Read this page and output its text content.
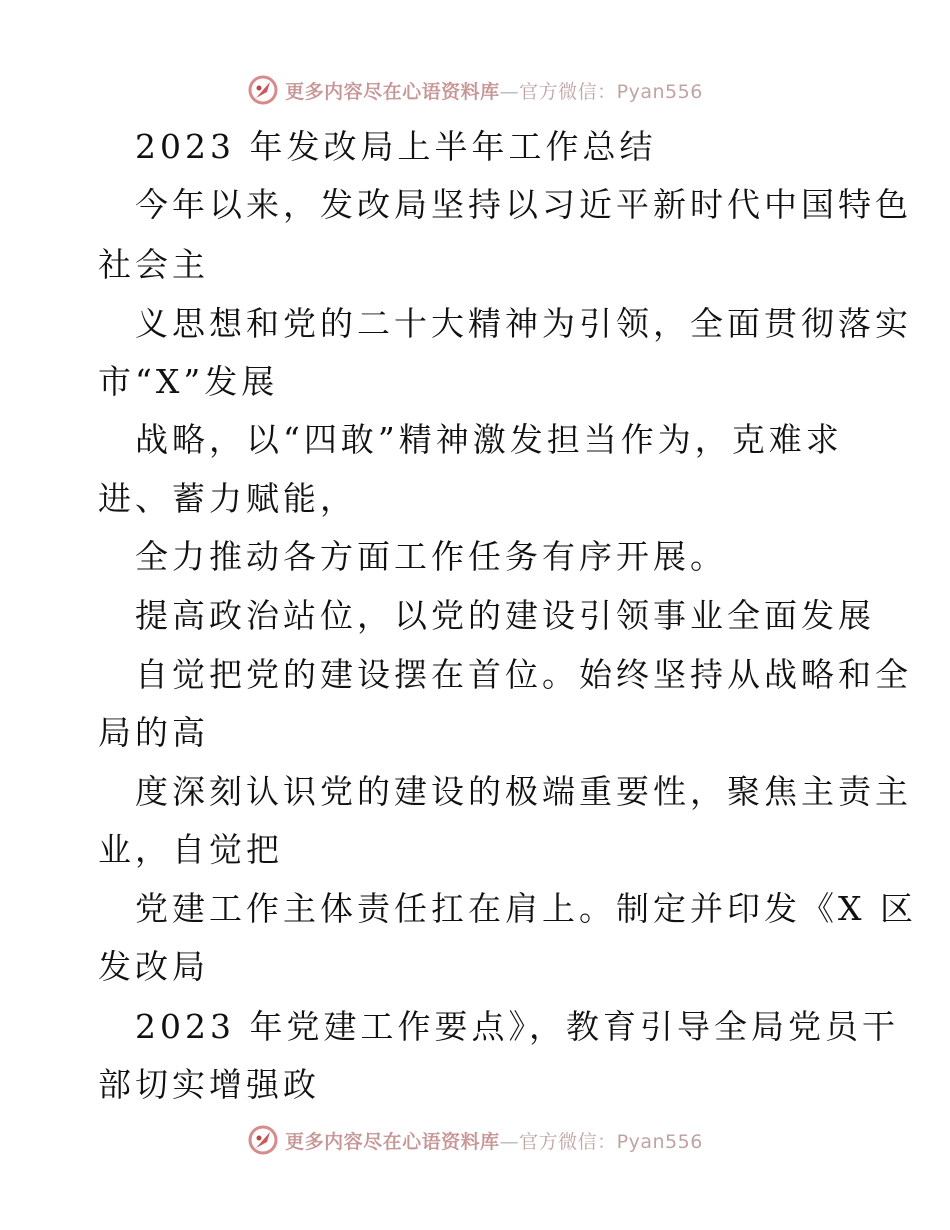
更多内容尽在心语资料库—官方微信：Pyan556
2023 年发改局上半年工作总结
今年以来，发改局坚持以习近平新时代中国特色
社会主
义思想和党的二十大精神为引领，全面贯彻落实
市“X”发展
战略，以“四敢”精神激发担当作为，克难求
进、蓄力赋能，
全力推动各方面工作任务有序开展。
提高政治站位，以党的建设引领事业全面发展
自觉把党的建设摆在首位。始终坚持从战略和全
局的高
度深刻认识党的建设的极端重要性，聚焦主责主
业，自觉把
党建工作主体责任扛在肩上。制定并印发《X 区
发改局
2023 年党建工作要点》，教育引导全局党员干
部切实增强政
更多内容尽在心语资料库—官方微信：Pyan556
